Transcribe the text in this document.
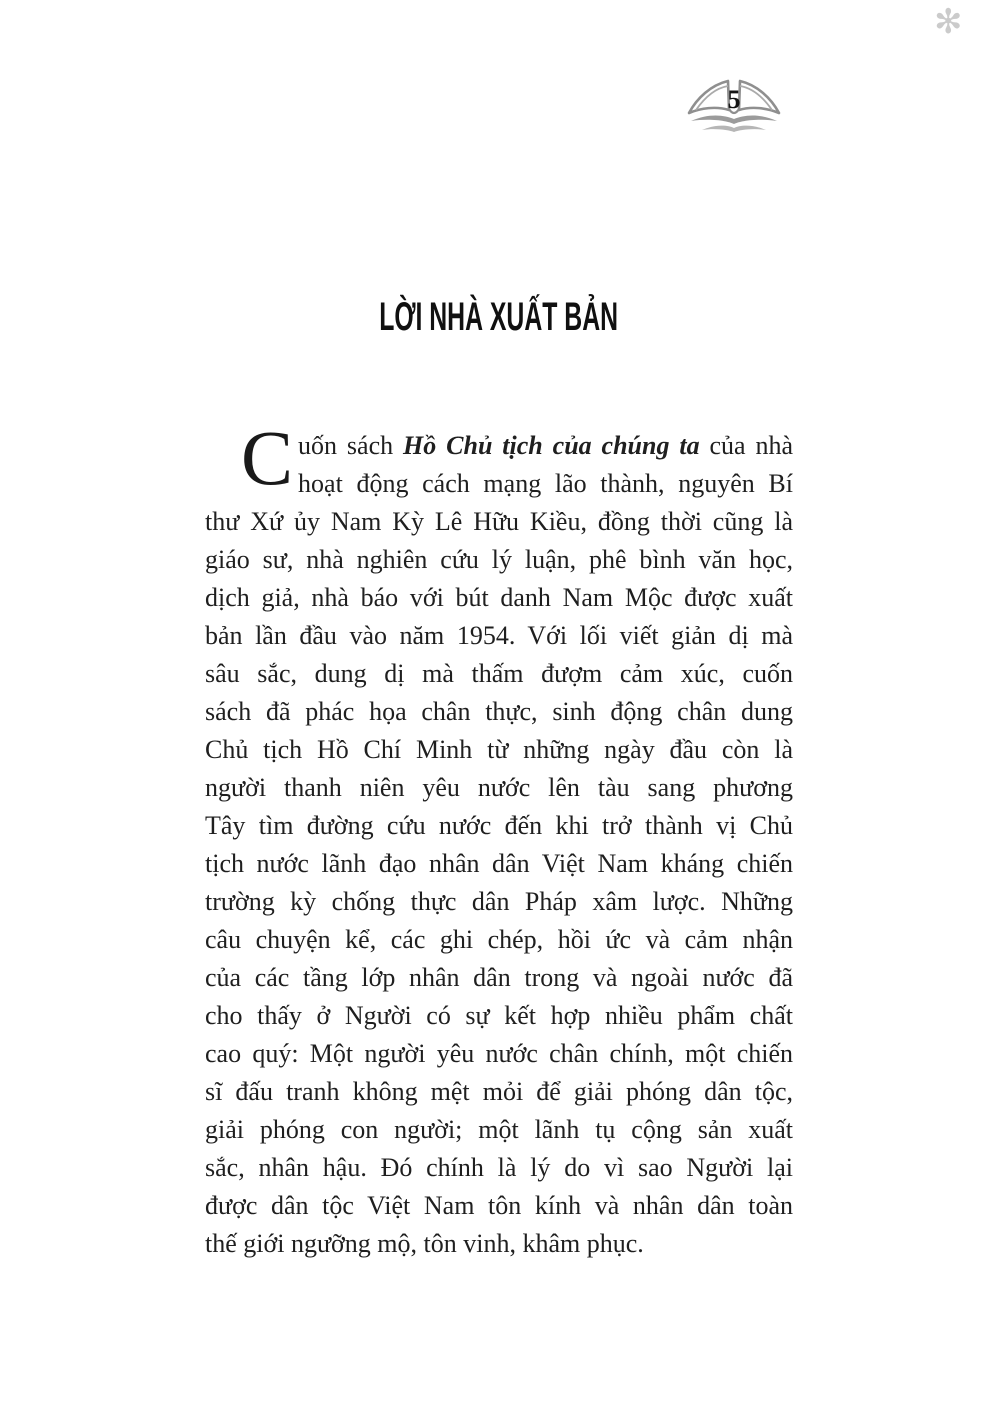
✻
5
LỜI NHÀ XUẤT BẢN
C uốn sách Hồ Chủ tịch của chúng ta của nhà
hoạt động cách mạng lão thành, nguyên Bí
thư Xứ ủy Nam Kỳ Lê Hữu Kiều, đồng thời cũng là
giáo sư, nhà nghiên cứu lý luận, phê bình văn học,
dịch giả, nhà báo với bút danh Nam Mộc được xuất
bản lần đầu vào năm 1954. Với lối viết giản dị mà
sâu sắc, dung dị mà thấm đượm cảm xúc, cuốn
sách đã phác họa chân thực, sinh động chân dung
Chủ tịch Hồ Chí Minh từ những ngày đầu còn là
người thanh niên yêu nước lên tàu sang phương
Tây tìm đường cứu nước đến khi trở thành vị Chủ
tịch nước lãnh đạo nhân dân Việt Nam kháng chiến
trường kỳ chống thực dân Pháp xâm lược. Những
câu chuyện kể, các ghi chép, hồi ức và cảm nhận
của các tầng lớp nhân dân trong và ngoài nước đã
cho thấy ở Người có sự kết hợp nhiều phẩm chất
cao quý: Một người yêu nước chân chính, một chiến
sĩ đấu tranh không mệt mỏi để giải phóng dân tộc,
giải phóng con người; một lãnh tụ cộng sản xuất
sắc, nhân hậu. Đó chính là lý do vì sao Người lại
được dân tộc Việt Nam tôn kính và nhân dân toàn
thế giới ngưỡng mộ, tôn vinh, khâm phục.
